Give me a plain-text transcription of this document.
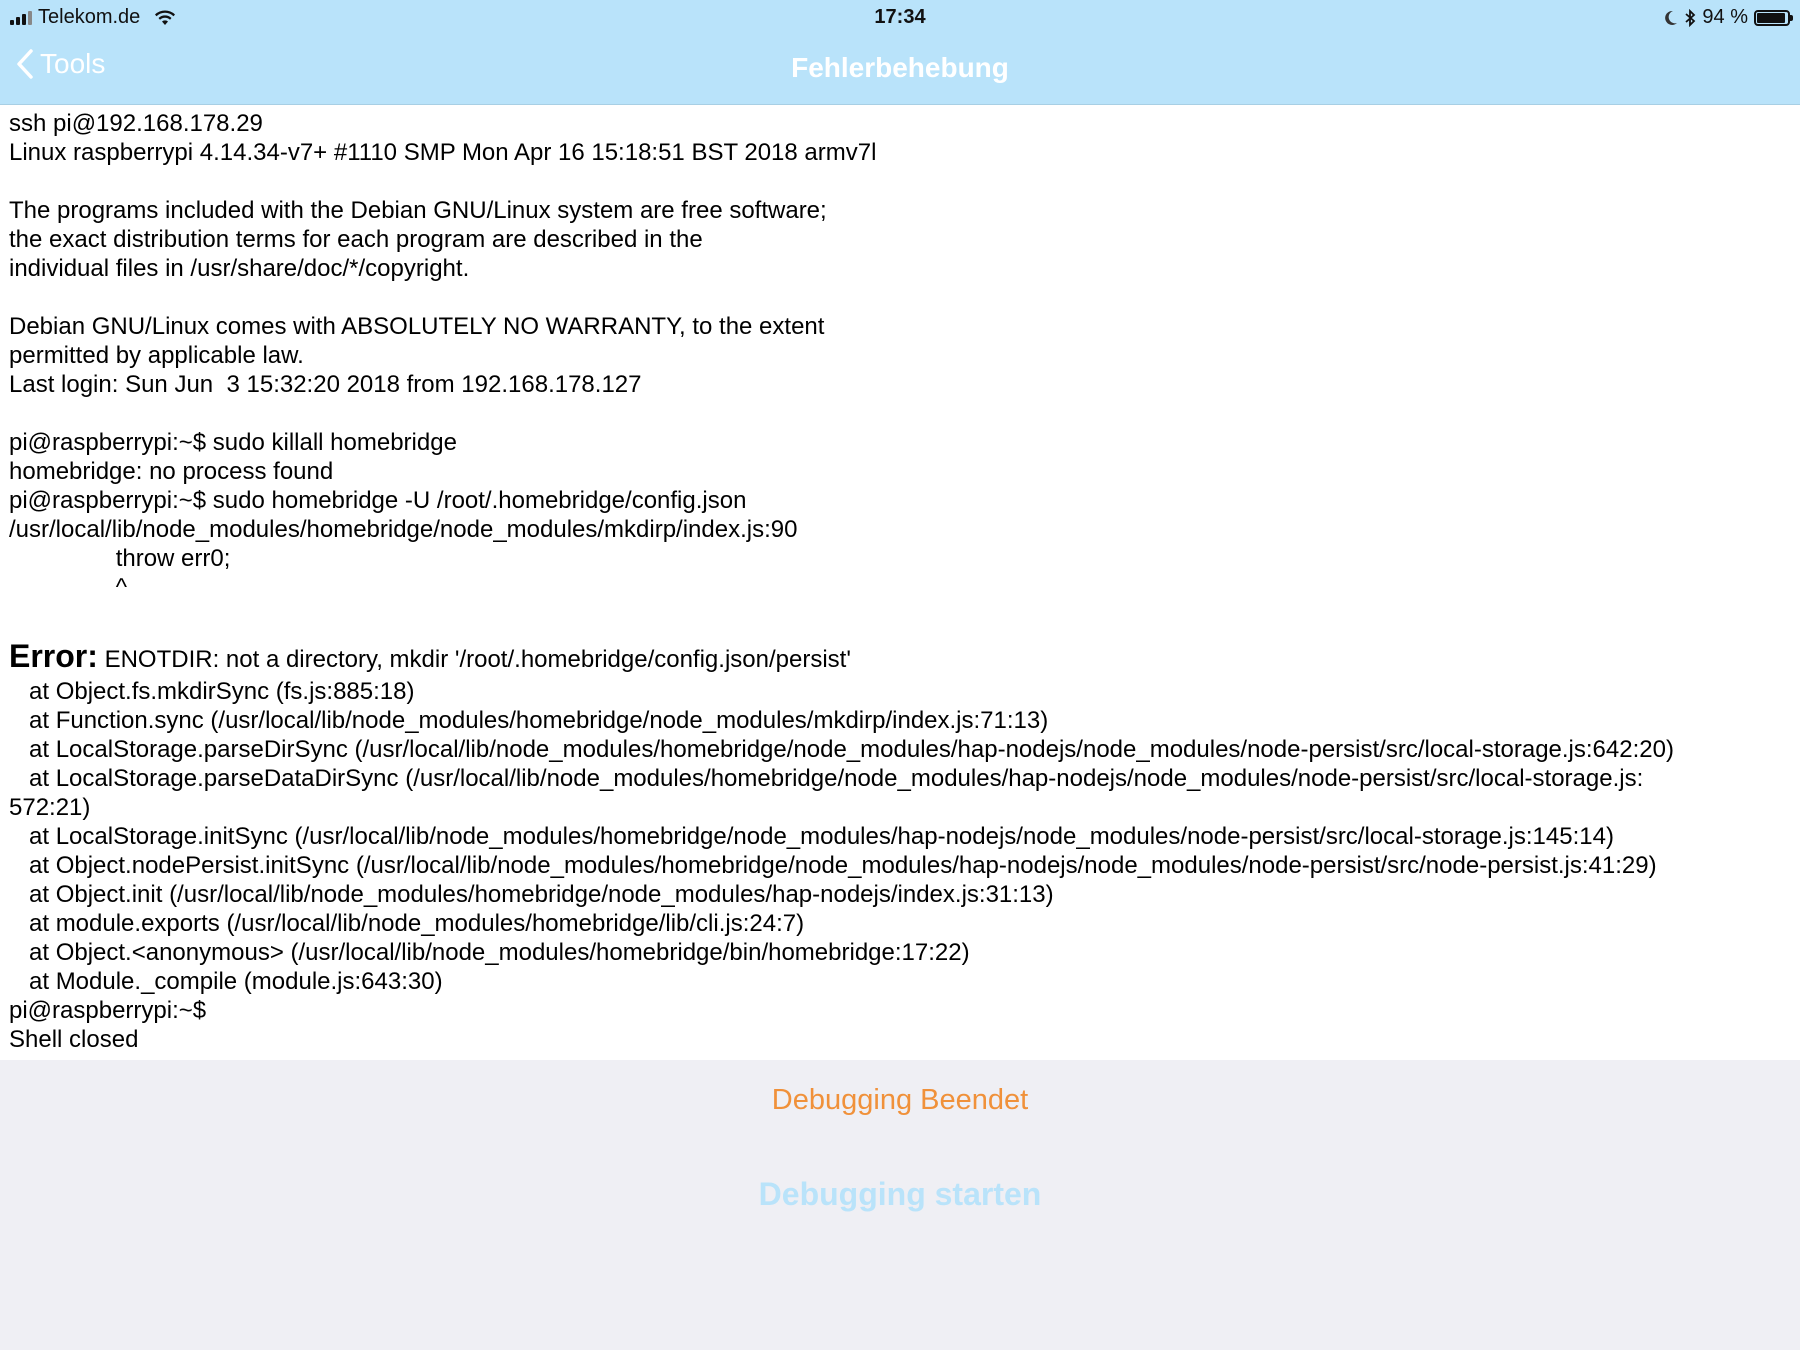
Telekom.de	17:34	94 %
Tools	Fehlerbehebung
ssh pi@192.168.178.29
Linux raspberrypi 4.14.34-v7+ #1110 SMP Mon Apr 16 15:18:51 BST 2018 armv7l
The programs included with the Debian GNU/Linux system are free software;
the exact distribution terms for each program are described in the
individual files in /usr/share/doc/*/copyright.
Debian GNU/Linux comes with ABSOLUTELY NO WARRANTY, to the extent
permitted by applicable law.
Last login: Sun Jun  3 15:32:20 2018 from 192.168.178.127
pi@raspberrypi:~$ sudo killall homebridge
homebridge: no process found
pi@raspberrypi:~$ sudo homebridge -U /root/.homebridge/config.json
/usr/local/lib/node_modules/homebridge/node_modules/mkdirp/index.js:90
throw err0;
^
Error: ENOTDIR: not a directory, mkdir '/root/.homebridge/config.json/persist'
at Object.fs.mkdirSync (fs.js:885:18)
at Function.sync (/usr/local/lib/node_modules/homebridge/node_modules/mkdirp/index.js:71:13)
at LocalStorage.parseDirSync (/usr/local/lib/node_modules/homebridge/node_modules/hap-nodejs/node_modules/node-persist/src/local-storage.js:642:20)
at LocalStorage.parseDataDirSync (/usr/local/lib/node_modules/homebridge/node_modules/hap-nodejs/node_modules/node-persist/src/local-storage.js:
572:21)
at LocalStorage.initSync (/usr/local/lib/node_modules/homebridge/node_modules/hap-nodejs/node_modules/node-persist/src/local-storage.js:145:14)
at Object.nodePersist.initSync (/usr/local/lib/node_modules/homebridge/node_modules/hap-nodejs/node_modules/node-persist/src/node-persist.js:41:29)
at Object.init (/usr/local/lib/node_modules/homebridge/node_modules/hap-nodejs/index.js:31:13)
at module.exports (/usr/local/lib/node_modules/homebridge/lib/cli.js:24:7)
at Object.<anonymous> (/usr/local/lib/node_modules/homebridge/bin/homebridge:17:22)
at Module._compile (module.js:643:30)
pi@raspberrypi:~$
Shell closed
Debugging Beendet
Debugging starten
